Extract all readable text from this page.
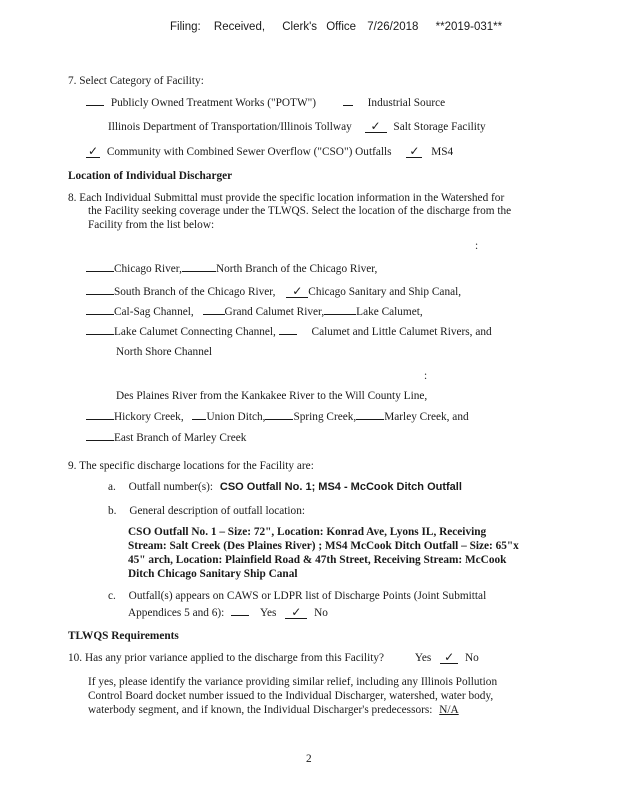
Filing: Received, Clerk's Office 7/26/2018 **2019-031**
7. Select Category of Facility:
Publicly Owned Treatment Works ("POTW")	Industrial Source
Illinois Department of Transportation/Illinois Tollway ✓ Salt Storage Facility
✓ Community with Combined Sewer Overflow ("CSO") Outfalls ✓ MS4
Location of Individual Discharger
8. Each Individual Submittal must provide the specific location information in the Watershed for
the Facility seeking coverage under the TLWQS. Select the location of the discharge from the
Facility from the list below:
:
Chicago River,	North Branch of the Chicago River,
South Branch of the Chicago River, ✓ Chicago Sanitary and Ship Canal,
Cal-Sag Channel,	Grand Calumet River,	Lake Calumet,
Lake Calumet Connecting Channel,	Calumet and Little Calumet Rivers, and
North Shore Channel
:
Des Plaines River from the Kankakee River to the Will County Line,
Hickory Creek, Union Ditch, Spring Creek, Marley Creek, and
East Branch of Marley Creek
9. The specific discharge locations for the Facility are:
a. Outfall number(s): CSO Outfall No. 1; MS4 - McCook Ditch Outfall
b. General description of outfall location:
CSO Outfall No. 1 – Size: 72", Location: Konrad Ave, Lyons IL, Receiving
Stream: Salt Creek (Des Plaines River) ; MS4 McCook Ditch Outfall – Size: 65"x
45" arch, Location: Plainfield Road & 47th Street, Receiving Stream: McCook
Ditch Chicago Sanitary Ship Canal
c. Outfall(s) appears on CAWS or LDPR list of Discharge Points (Joint Submittal
Appendices 5 and 6):	Yes ✓ No
TLWQS Requirements
10. Has any prior variance applied to the discharge from this Facility?	Yes ✓ No
If yes, please identify the variance providing similar relief, including any Illinois Pollution
Control Board docket number issued to the Individual Discharger, watershed, water body,
waterbody segment, and if known, the Individual Discharger's predecessors: N/A
2
